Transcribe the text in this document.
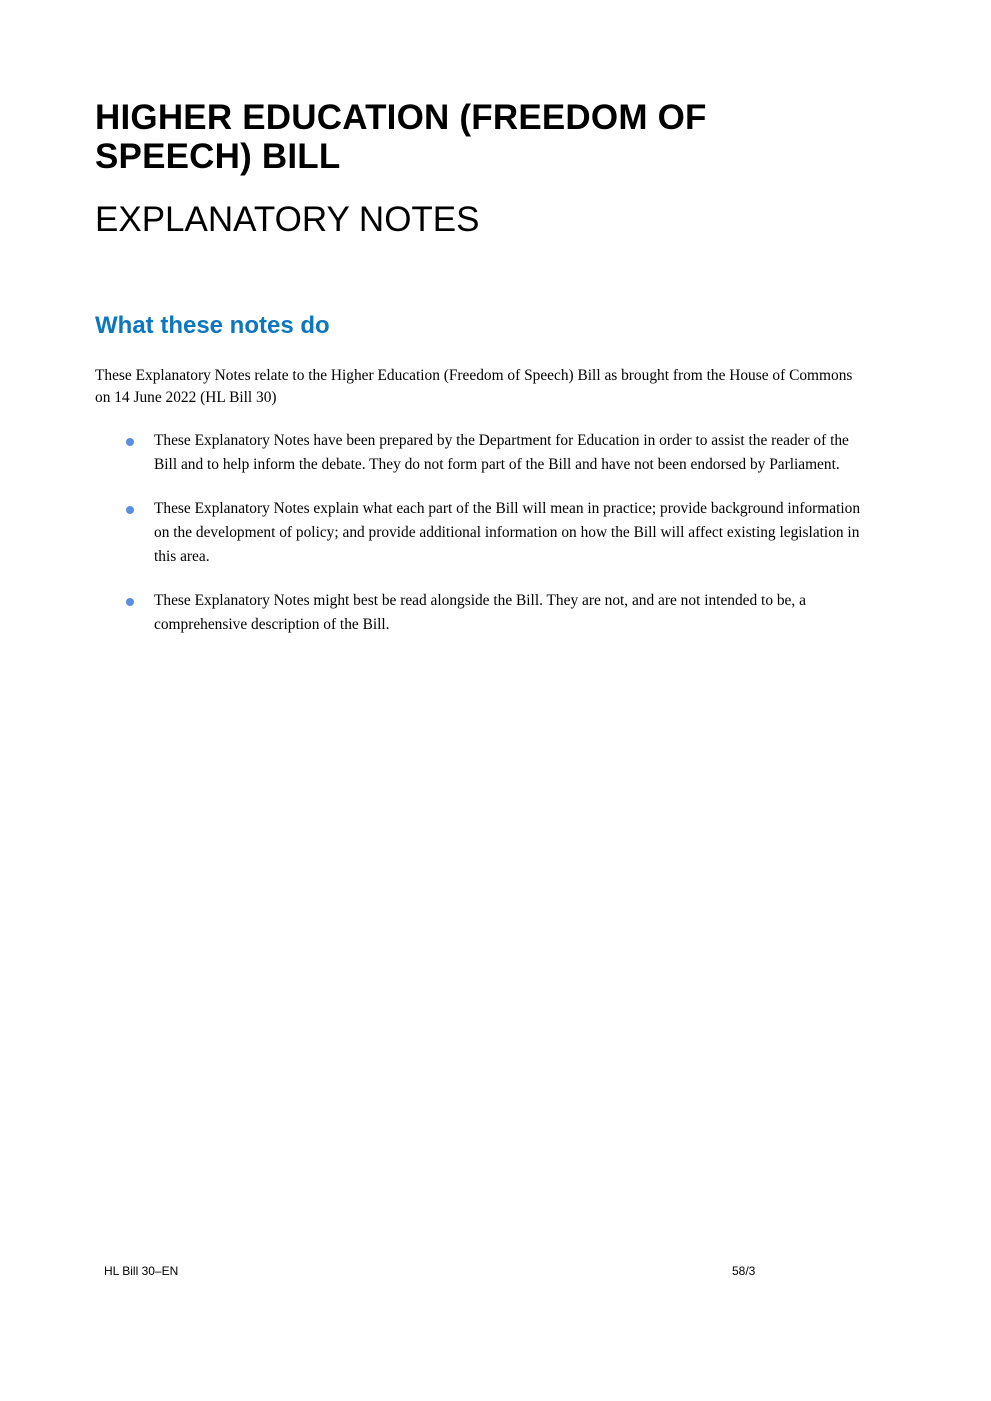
HIGHER EDUCATION (FREEDOM OF SPEECH) BILL
EXPLANATORY NOTES
What these notes do

These Explanatory Notes relate to the Higher Education (Freedom of Speech) Bill as brought from the House of Commons on 14 June 2022 (HL Bill 30)

These Explanatory Notes have been prepared by the Department for Education in order to assist the reader of the Bill and to help inform the debate. They do not form part of the Bill and have not been endorsed by Parliament.
These Explanatory Notes explain what each part of the Bill will mean in practice; provide background information on the development of policy; and provide additional information on how the Bill will affect existing legislation in this area.
These Explanatory Notes might best be read alongside the Bill. They are not, and are not intended to be, a comprehensive description of the Bill.
HL Bill 30–EN	58/3
